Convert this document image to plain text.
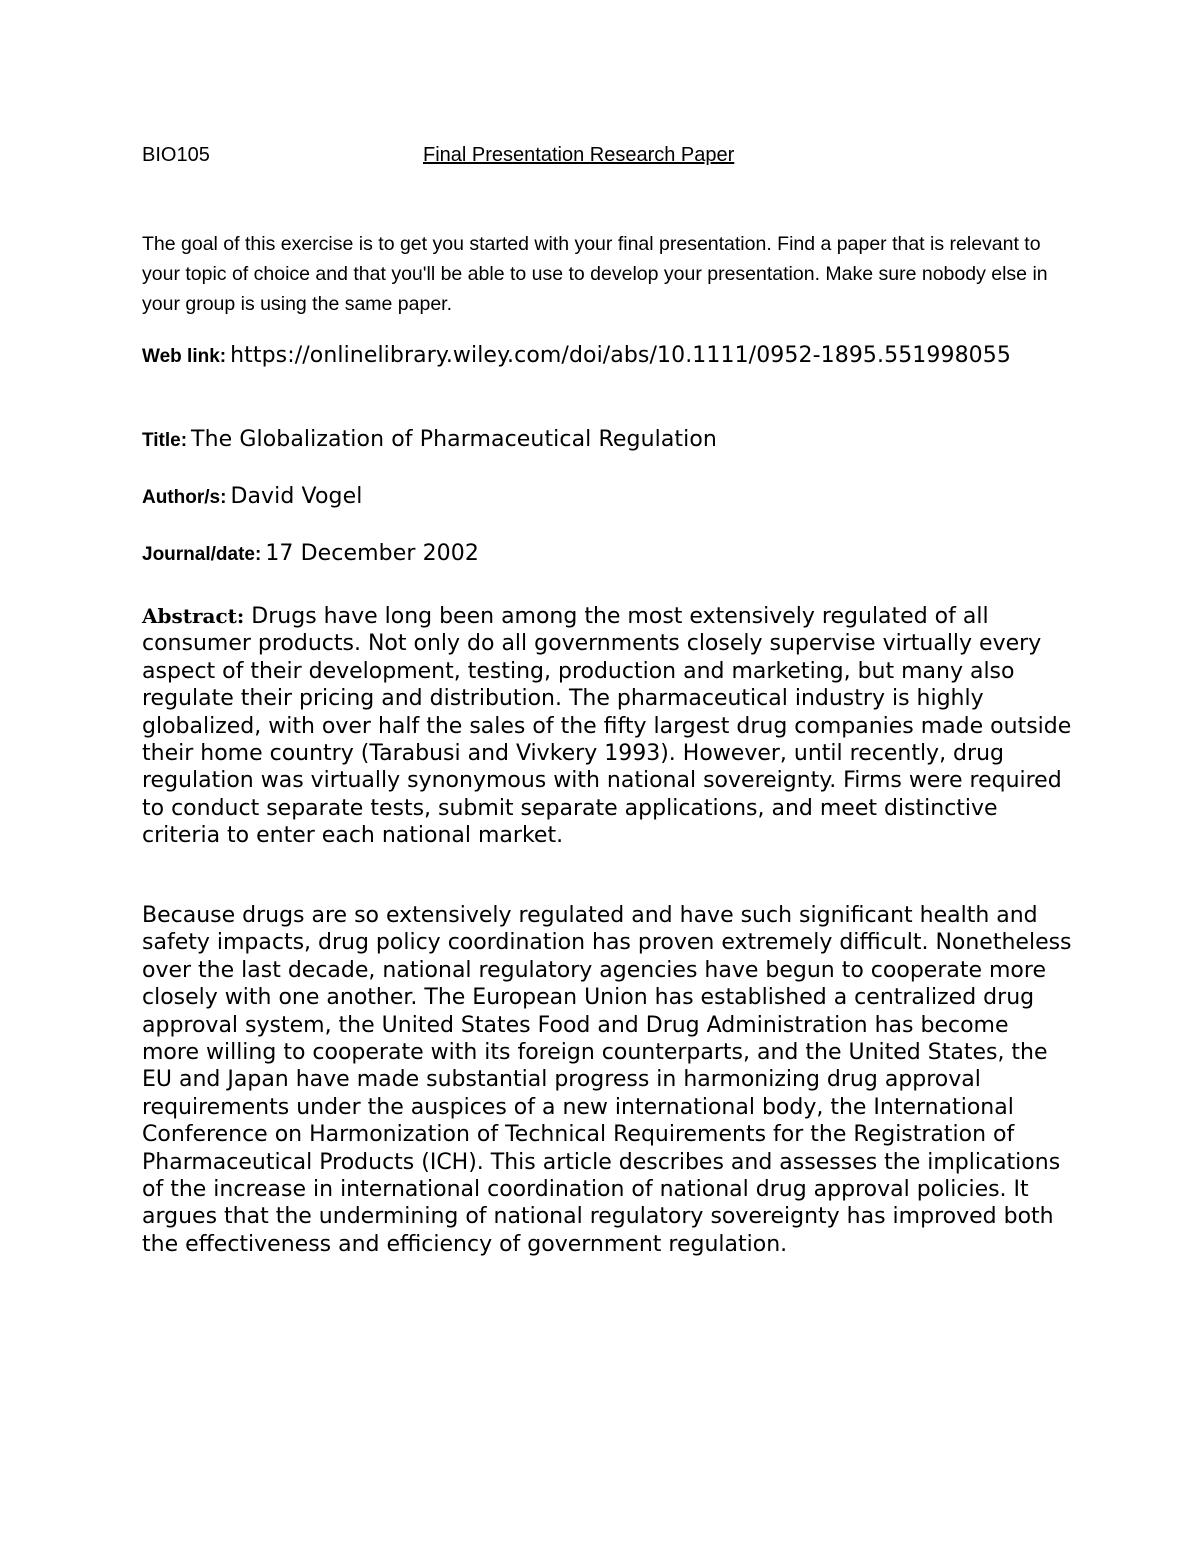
BIO105	Final Presentation Research Paper

The goal of this exercise is to get you started with your final presentation. Find a paper that is relevant to your topic of choice and that you'll be able to use to develop your presentation. Make sure nobody else in your group is using the same paper.

Web link: https://onlinelibrary.wiley.com/doi/abs/10.1111/0952-1895.551998055

Title: The Globalization of Pharmaceutical Regulation

Author/s: David Vogel

Journal/date: 17 December 2002

Abstract: Drugs have long been among the most extensively regulated of all consumer products. Not only do all governments closely supervise virtually every aspect of their development, testing, production and marketing, but many also regulate their pricing and distribution. The pharmaceutical industry is highly globalized, with over half the sales of the fifty largest drug companies made outside their home country (Tarabusi and Vivkery 1993). However, until recently, drug regulation was virtually synonymous with national sovereignty. Firms were required to conduct separate tests, submit separate applications, and meet distinctive criteria to enter each national market.

Because drugs are so extensively regulated and have such significant health and safety impacts, drug policy coordination has proven extremely difficult. Nonetheless over the last decade, national regulatory agencies have begun to cooperate more closely with one another. The European Union has established a centralized drug approval system, the United States Food and Drug Administration has become more willing to cooperate with its foreign counterparts, and the United States, the EU and Japan have made substantial progress in harmonizing drug approval requirements under the auspices of a new international body, the International Conference on Harmonization of Technical Requirements for the Registration of Pharmaceutical Products (ICH). This article describes and assesses the implications of the increase in international coordination of national drug approval policies. It argues that the undermining of national regulatory sovereignty has improved both the effectiveness and efficiency of government regulation.
